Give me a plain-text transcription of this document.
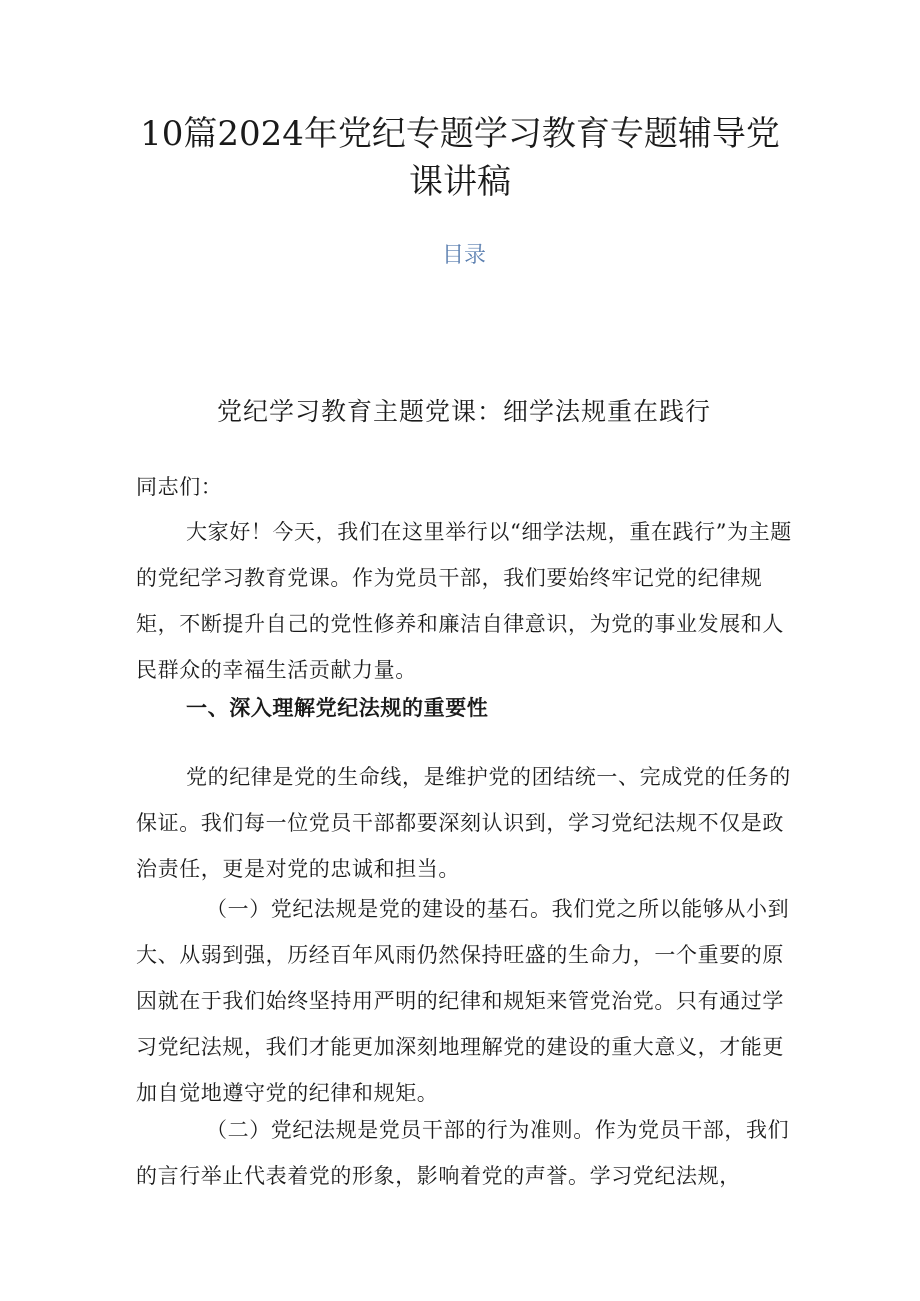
10篇2024年党纪专题学习教育专题辅导党课讲稿
目录
党纪学习教育主题党课：细学法规重在践行

同志们：

大家好！今天，我们在这里举行以“细学法规，重在践行”为主题的党纪学习教育党课。作为党员干部，我们要始终牢记党的纪律规矩，不断提升自己的党性修养和廉洁自律意识，为党的事业发展和人民群众的幸福生活贡献力量。

一、深入理解党纪法规的重要性

党的纪律是党的生命线，是维护党的团结统一、完成党的任务的保证。我们每一位党员干部都要深刻认识到，学习党纪法规不仅是政治责任，更是对党的忠诚和担当。

（一）党纪法规是党的建设的基石。我们党之所以能够从小到大、从弱到强，历经百年风雨仍然保持旺盛的生命力，一个重要的原因就在于我们始终坚持用严明的纪律和规矩来管党治党。只有通过学习党纪法规，我们才能更加深刻地理解党的建设的重大意义，才能更加自觉地遵守党的纪律和规矩。

（二）党纪法规是党员干部的行为准则。作为党员干部，我们的言行举止代表着党的形象，影响着党的声誉。学习党纪法规，
